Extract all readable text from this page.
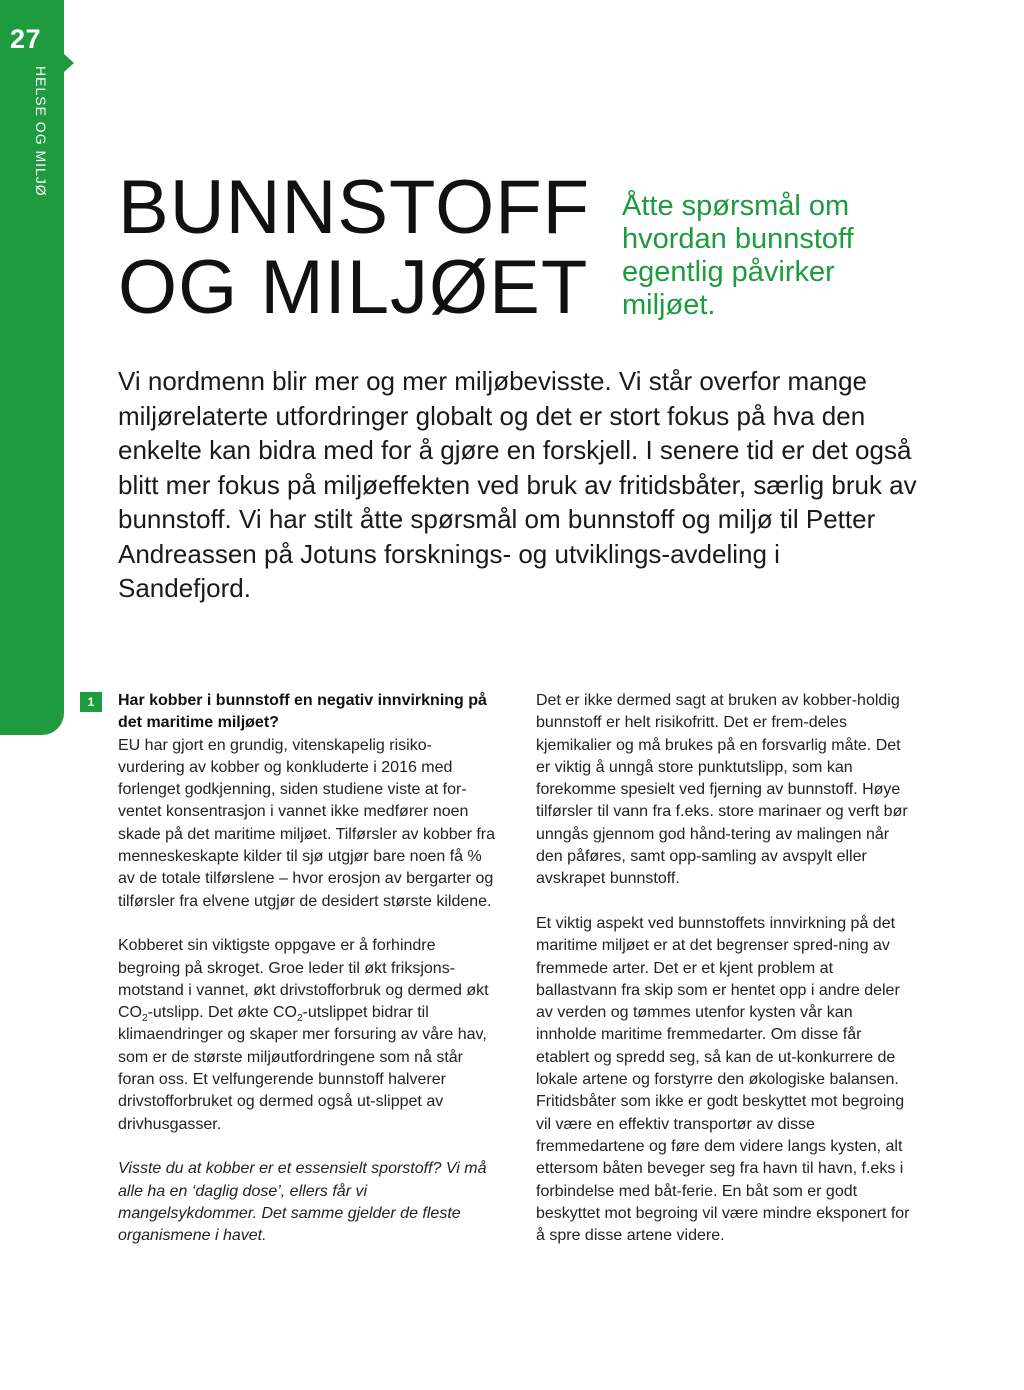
27
HELSE OG MILJØ
BUNNSTOFF
OG MILJØET

Åtte spørsmål om hvordan bunnstoff egentlig påvirker miljøet.

Vi nordmenn blir mer og mer miljøbevisste. Vi står overfor mange miljørelaterte utfordringer globalt og det er stort fokus på hva den enkelte kan bidra med for å gjøre en forskjell. I senere tid er det også blitt mer fokus på miljøeffekten ved bruk av fritidsbåter, særlig bruk av bunnstoff. Vi har stilt åtte spørsmål om bunnstoff og miljø til Petter Andreassen på Jotuns forsknings- og utviklings-avdeling i Sandefjord.

1	Har kobber i bunnstoff en negativ innvirkning på det maritime miljøet?

EU har gjort en grundig, vitenskapelig risiko-vurdering av kobber og konkluderte i 2016 med forlenget godkjenning, siden studiene viste at for-ventet konsentrasjon i vannet ikke medfører noen skade på det maritime miljøet. Tilførsler av kobber fra menneskeskapte kilder til sjø utgjør bare noen få % av de totale tilførslene – hvor erosjon av bergarter og tilførsler fra elvene utgjør de desidert største kildene.

Kobberet sin viktigste oppgave er å forhindre begroing på skroget. Groe leder til økt friksjons-motstand i vannet, økt drivstofforbruk og dermed økt $CO_2$-utslipp. Det økte $CO_2$-utslippet bidrar til klimaendringer og skaper mer forsuring av våre hav, som er de største miljøutfordringene som nå står foran oss. Et velfungerende bunnstoff halverer drivstofforbruket og dermed også ut-slippet av drivhusgasser.

Visste du at kobber er et essensielt sporstoff? Vi må alle ha en ‘daglig dose’, ellers får vi mangelsykdommer. Det samme gjelder de fleste organismene i havet.

Det er ikke dermed sagt at bruken av kobber-holdig bunnstoff er helt risikofritt. Det er frem-deles kjemikalier og må brukes på en forsvarlig måte. Det er viktig å unngå store punktutslipp, som kan forekomme spesielt ved fjerning av bunnstoff. Høye tilførsler til vann fra f.eks. store marinaer og verft bør unngås gjennom god hånd-tering av malingen når den påføres, samt opp-samling av avspylt eller avskrapet bunnstoff.

Et viktig aspekt ved bunnstoffets innvirkning på det maritime miljøet er at det begrenser spred-ning av fremmede arter. Det er et kjent problem at ballastvann fra skip som er hentet opp i andre deler av verden og tømmes utenfor kysten vår kan innholde maritime fremmedarter. Om disse får etablert og spredd seg, så kan de ut-konkurrere de lokale artene og forstyrre den økologiske balansen. Fritidsbåter som ikke er godt beskyttet mot begroing vil være en effektiv transportør av disse fremmedartene og føre dem videre langs kysten, alt ettersom båten beveger seg fra havn til havn, f.eks i forbindelse med båt-ferie. En båt som er godt beskyttet mot begroing vil være mindre eksponert for å spre disse artene videre.
